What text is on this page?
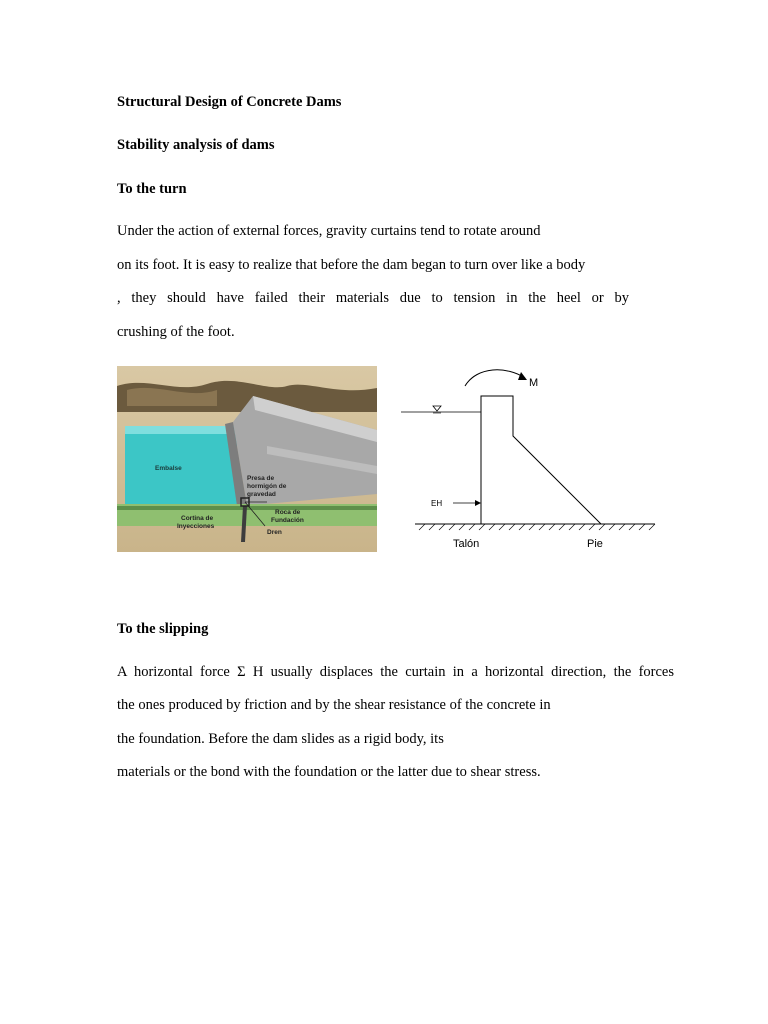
Structural Design of Concrete Dams
Stability analysis of dams
To the turn
Under the action of external forces, gravity curtains tend to rotate around
on its foot. It is easy to realize that before the dam began to turn over like a body
, they should have failed their materials due to tension in the heel or by
crushing of the foot.
Embalse
Presa de
hormigón de
gravedad
Roca de
Fundación
Cortina de
Inyecciones
Dren
M
EH
Talón	Pie
To the slipping
A horizontal force Σ H usually displaces the curtain in a horizontal direction, the forces
the ones produced by friction and by the shear resistance of the concrete in
the foundation. Before the dam slides as a rigid body, its
materials or the bond with the foundation or the latter due to shear stress.
